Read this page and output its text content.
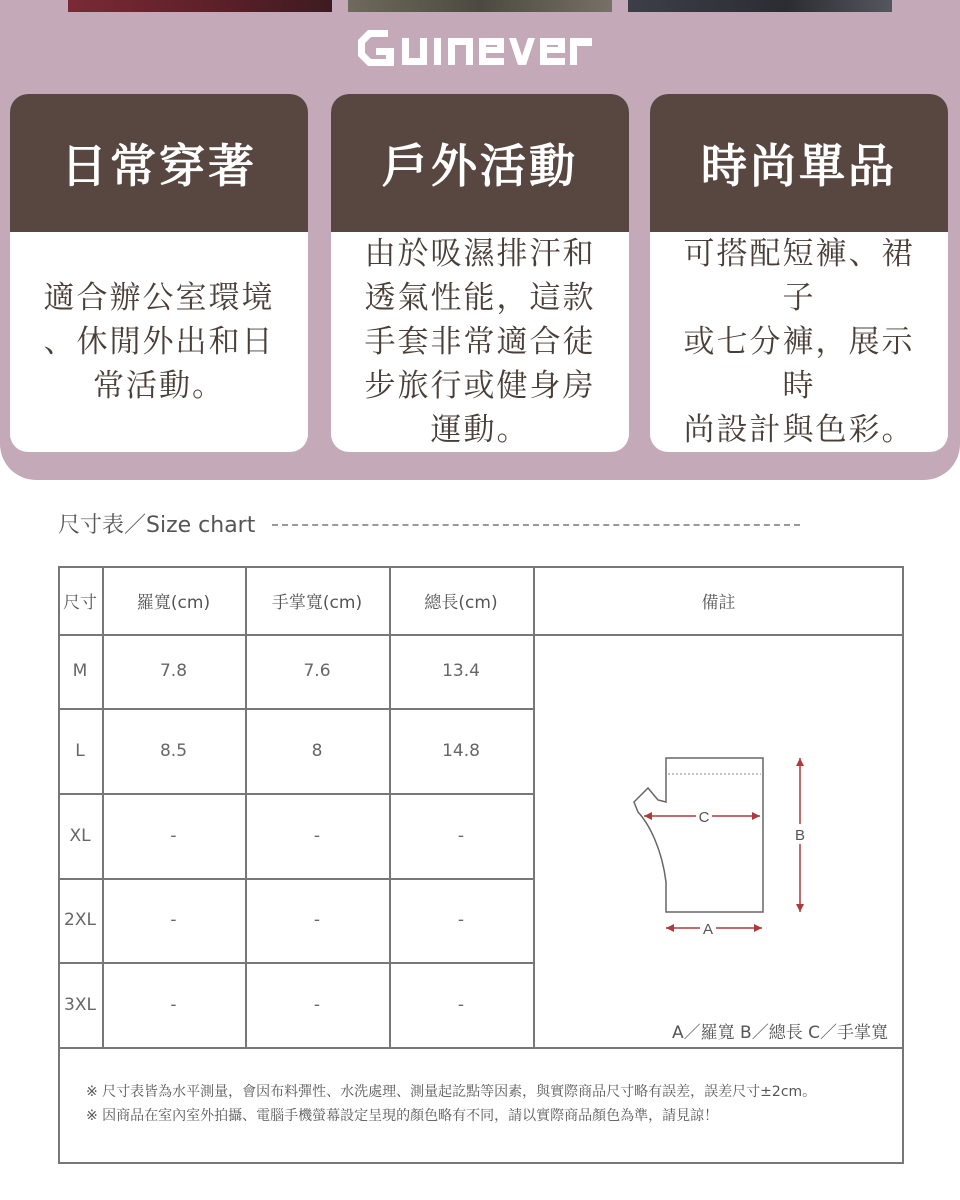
日常穿著

適合辦公室環境
、休閒外出和日
常活動。

戶外活動

由於吸濕排汗和
透氣性能，這款
手套非常適合徒
步旅行或健身房
運動。

時尚單品

可搭配短褲、裙子
或七分褲，展示時
尚設計與色彩。

尺寸表／Size chart
尺寸	羅寬(cm)	手掌寬(cm)	總長(cm)	備註
M	7.8	7.6	13.4
L	8.5	8	14.8
XL	-	-	-
2XL	-	-	-
3XL	-	-	-
C
A
B
A／羅寬 B／總長 C／手掌寬
※ 尺寸表皆為水平測量，會因布料彈性、水洗處理、測量起訖點等因素，與實際商品尺寸略有誤差，誤差尺寸±2cm。
※ 因商品在室內室外拍攝、電腦手機螢幕設定呈現的顏色略有不同，請以實際商品顏色為準，請見諒！
